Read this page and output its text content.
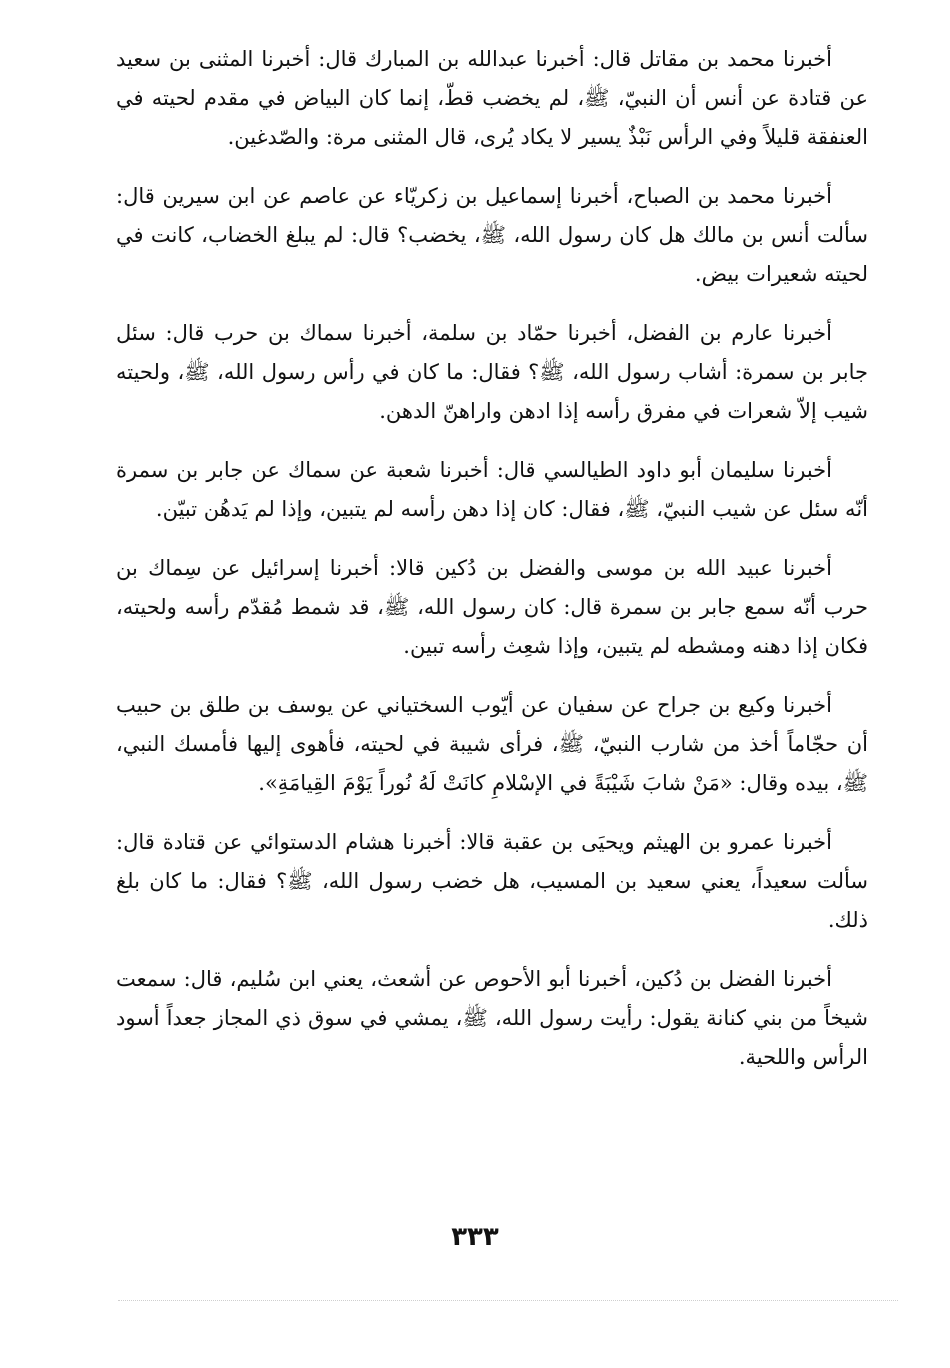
أخبرنا محمد بن مقاتل قال: أخبرنا عبدالله بن المبارك قال: أخبرنا المثنى بن سعيد عن قتادة عن أنس أن النبيّ، ﷺ، لم يخضب قطّ، إنما كان البياض في مقدم لحيته في العنفقة قليلاً وفي الرأس نَبْذٌ يسير لا يكاد يُرى، قال المثنى مرة: والصّدغين.

أخبرنا محمد بن الصباح، أخبرنا إسماعيل بن زكريّاء عن عاصم عن ابن سيرين قال: سألت أنس بن مالك هل كان رسول الله، ﷺ، يخضب؟ قال: لم يبلغ الخضاب، كانت في لحيته شعيرات بيض.

أخبرنا عارم بن الفضل، أخبرنا حمّاد بن سلمة، أخبرنا سماك بن حرب قال: سئل جابر بن سمرة: أشاب رسول الله، ﷺ؟ فقال: ما كان في رأس رسول الله، ﷺ، ولحيته شيب إلاّ شعرات في مفرق رأسه إذا ادهن واراهنّ الدهن.

أخبرنا سليمان أبو داود الطيالسي قال: أخبرنا شعبة عن سماك عن جابر بن سمرة أنّه سئل عن شيب النبيّ، ﷺ، فقال: كان إذا دهن رأسه لم يتبين، وإذا لم يَدهُن تبيّن.

أخبرنا عبيد الله بن موسى والفضل بن دُكين قالا: أخبرنا إسرائيل عن سِماك بن حرب أنّه سمع جابر بن سمرة قال: كان رسول الله، ﷺ، قد شمط مُقدّم رأسه ولحيته، فكان إذا دهنه ومشطه لم يتبين، وإذا شعِث رأسه تبين.

أخبرنا وكيع بن جراح عن سفيان عن أيّوب السختياني عن يوسف بن طلق بن حبيب أن حجّاماً أخذ من شارب النبيّ، ﷺ، فرأى شيبة في لحيته، فأهوى إليها فأمسك النبي، ﷺ، بيده وقال: «مَنْ شابَ شَيْبَةً في الإسْلامِ كانَتْ لَهُ نُوراً يَوْمَ القِيامَةِ».

أخبرنا عمرو بن الهيثم ويحيَى بن عقبة قالا: أخبرنا هشام الدستوائي عن قتادة قال: سألت سعيداً، يعني سعيد بن المسيب، هل خضب رسول الله، ﷺ؟ فقال: ما كان بلغ ذلك.

أخبرنا الفضل بن دُكين، أخبرنا أبو الأحوص عن أشعث، يعني ابن سُليم، قال: سمعت شيخاً من بني كنانة يقول: رأيت رسول الله، ﷺ، يمشي في سوق ذي المجاز جعداً أسود الرأس واللحية.

٣٣٣
